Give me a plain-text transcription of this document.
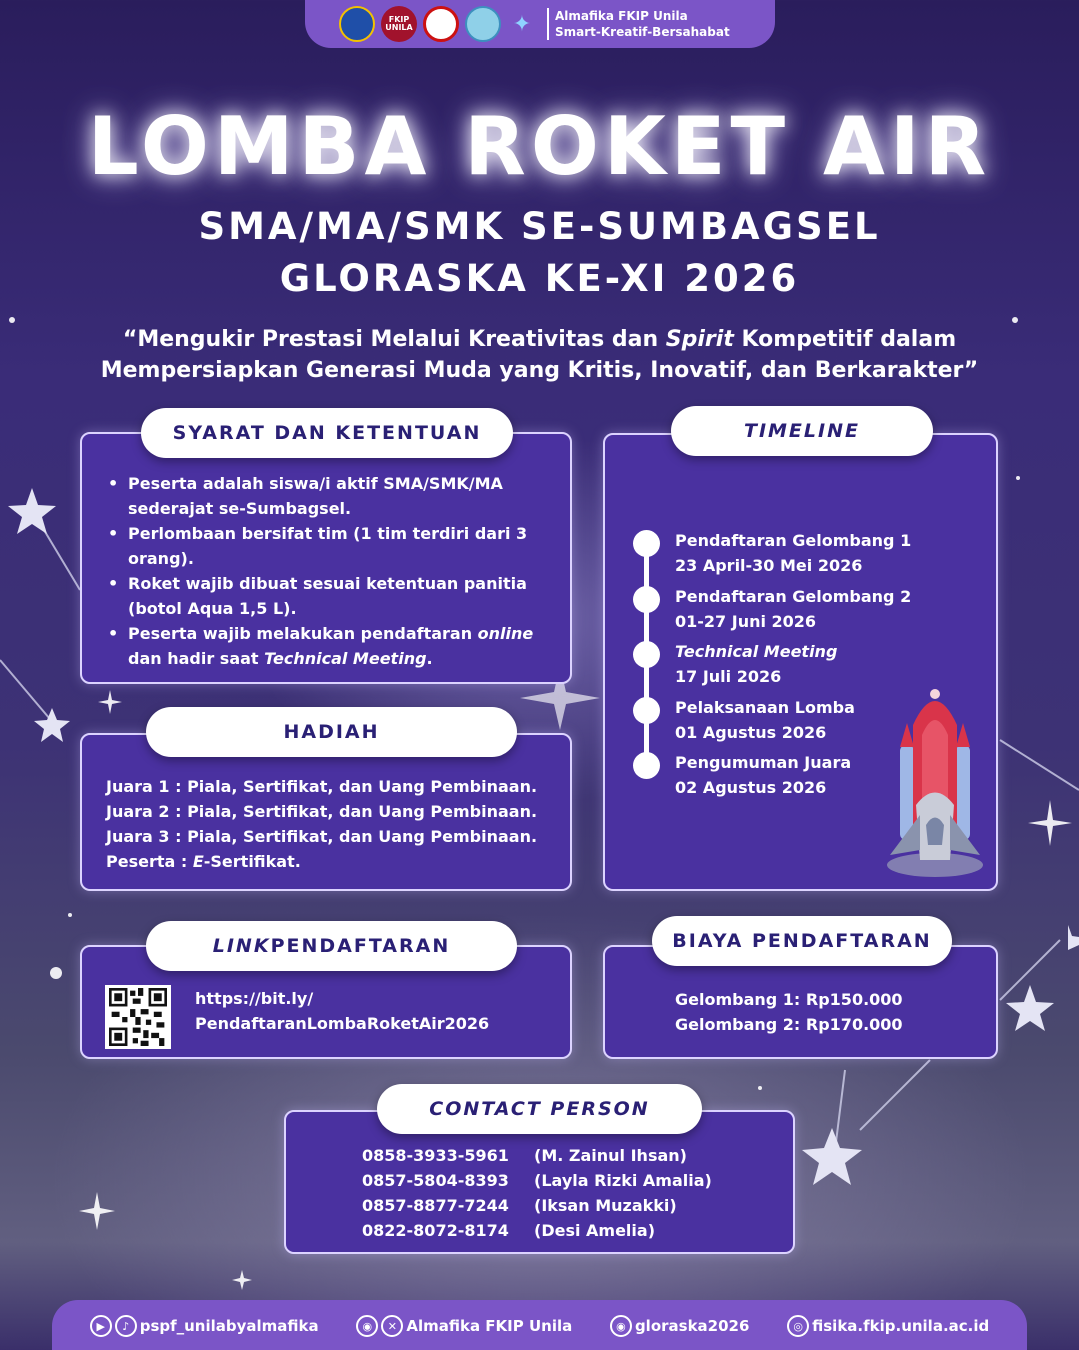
FKIP UNILA	✦	Almafika FKIP Unila
Smart-Kreatif-Bersahabat
LOMBA ROKET AIR
SMA/MA/SMK SE-SUMBAGSEL
GLORASKA KE-XI 2026
“Mengukir Prestasi Melalui Kreativitas dan Spirit Kompetitif dalam
Mempersiapkan Generasi Muda yang Kritis, Inovatif, dan Berkarakter”
• Peserta adalah siswa/i aktif SMA/SMK/MA sederajat se-Sumbagsel.
• Perlombaan bersifat tim (1 tim terdiri dari 3 orang).
• Roket wajib dibuat sesuai ketentuan panitia (botol Aqua 1,5 L).
• Peserta wajib melakukan pendaftaran online dan hadir saat Technical Meeting.
SYARAT DAN KETENTUAN
Juara 1 : Piala, Sertifikat, dan Uang Pembinaan.
Juara 2 : Piala, Sertifikat, dan Uang Pembinaan.
Juara 3 : Piala, Sertifikat, dan Uang Pembinaan.
Peserta : E-Sertifikat.
HADIAH
TIMELINE
Pendaftaran Gelombang 1
23 April-30 Mei 2026
Pendaftaran Gelombang 2
01-27 Juni 2026
Technical Meeting
17 Juli 2026
Pelaksanaan Lomba
01 Agustus 2026
Pengumuman Juara
02 Agustus 2026
LINK PENDAFTARAN
https://bit.ly/
PendaftaranLombaRoketAir2026
Gelombang 1: Rp150.000
Gelombang 2: Rp170.000
BIAYA PENDAFTARAN
0858-3933-5961 (M. Zainul Ihsan)
0857-5804-8393 (Layla Rizki Amalia)
0857-8877-7244 (Iksan Muzakki)
0822-8072-8174 (Desi Amelia)
CONTACT PERSON
▶	♪ pspf_unilabyalmafika	◉	✕ Almafika FKIP Unila	◉ gloraska2026	◎ fisika.fkip.unila.ac.id
